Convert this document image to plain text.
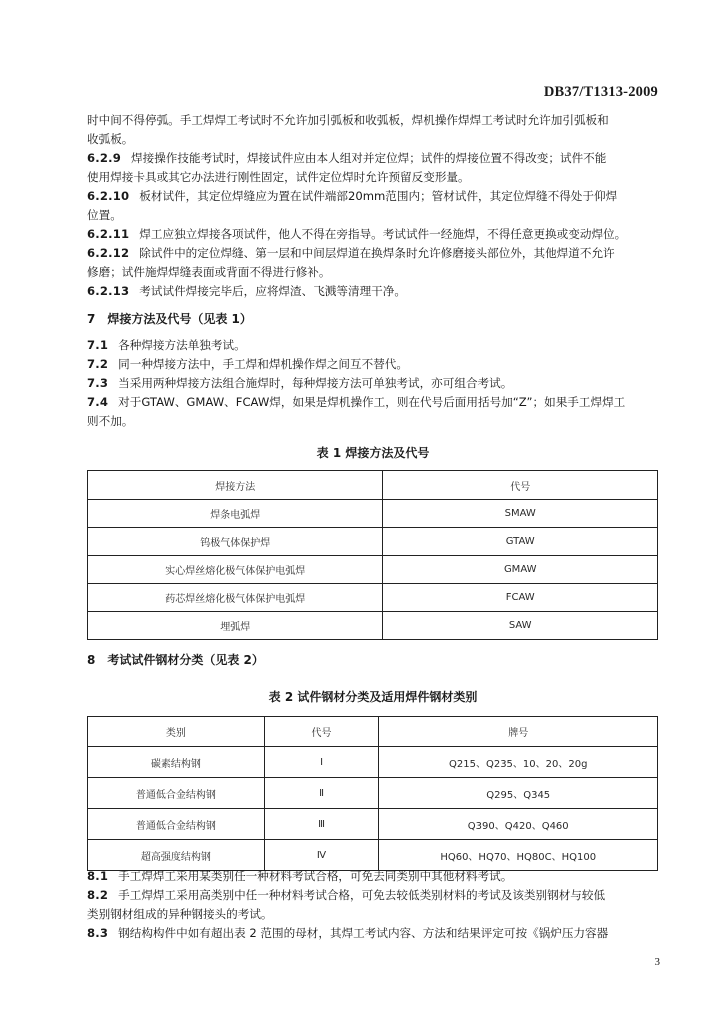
DB37/T1313-2009
时中间不得停弧。手工焊焊工考试时不允许加引弧板和收弧板，焊机操作焊焊工考试时允许加引弧板和
收弧板。
6.2.9 焊接操作技能考试时，焊接试件应由本人组对并定位焊；试件的焊接位置不得改变；试件不能
使用焊接卡具或其它办法进行刚性固定，试件定位焊时允许预留反变形量。
6.2.10 板材试件，其定位焊缝应为置在试件端部20mm范围内；管材试件，其定位焊缝不得处于仰焊
位置。
6.2.11 焊工应独立焊接各项试件，他人不得在旁指导。考试试件一经施焊，不得任意更换或变动焊位。
6.2.12 除试件中的定位焊缝、第一层和中间层焊道在换焊条时允许修磨接头部位外，其他焊道不允许
修磨；试件施焊焊缝表面或背面不得进行修补。
6.2.13 考试试件焊接完毕后，应将焊渣、飞溅等清理干净。
7　焊接方法及代号（见表 1）
7.1 各种焊接方法单独考试。
7.2 同一种焊接方法中，手工焊和焊机操作焊之间互不替代。
7.3 当采用两种焊接方法组合施焊时，每种焊接方法可单独考试，亦可组合考试。
7.4 对于GTAW、GMAW、FCAW焊，如果是焊机操作工，则在代号后面用括号加“Z”；如果手工焊焊工
则不加。
表 1 焊接方法及代号
焊接方法	代号
焊条电弧焊	SMAW
钨极气体保护焊	GTAW
实心焊丝熔化极气体保护电弧焊	GMAW
药芯焊丝熔化极气体保护电弧焊	FCAW
埋弧焊	SAW
8　考试试件钢材分类（见表 2）
表 2 试件钢材分类及适用焊件钢材类别
类别	代号	牌号
碳素结构钢	Ⅰ	Q215、Q235、10、20、20g
普通低合金结构钢	Ⅱ	Q295、Q345
普通低合金结构钢	Ⅲ	Q390、Q420、Q460
超高强度结构钢	Ⅳ	HQ60、HQ70、HQ80C、HQ100
8.1 手工焊焊工采用某类别任一种材料考试合格，可免去同类别中其他材料考试。
8.2 手工焊焊工采用高类别中任一种材料考试合格，可免去较低类别材料的考试及该类别钢材与较低
类别钢材组成的异种钢接头的考试。
8.3 钢结构构件中如有超出表 2 范围的母材，其焊工考试内容、方法和结果评定可按《锅炉压力容器
3
